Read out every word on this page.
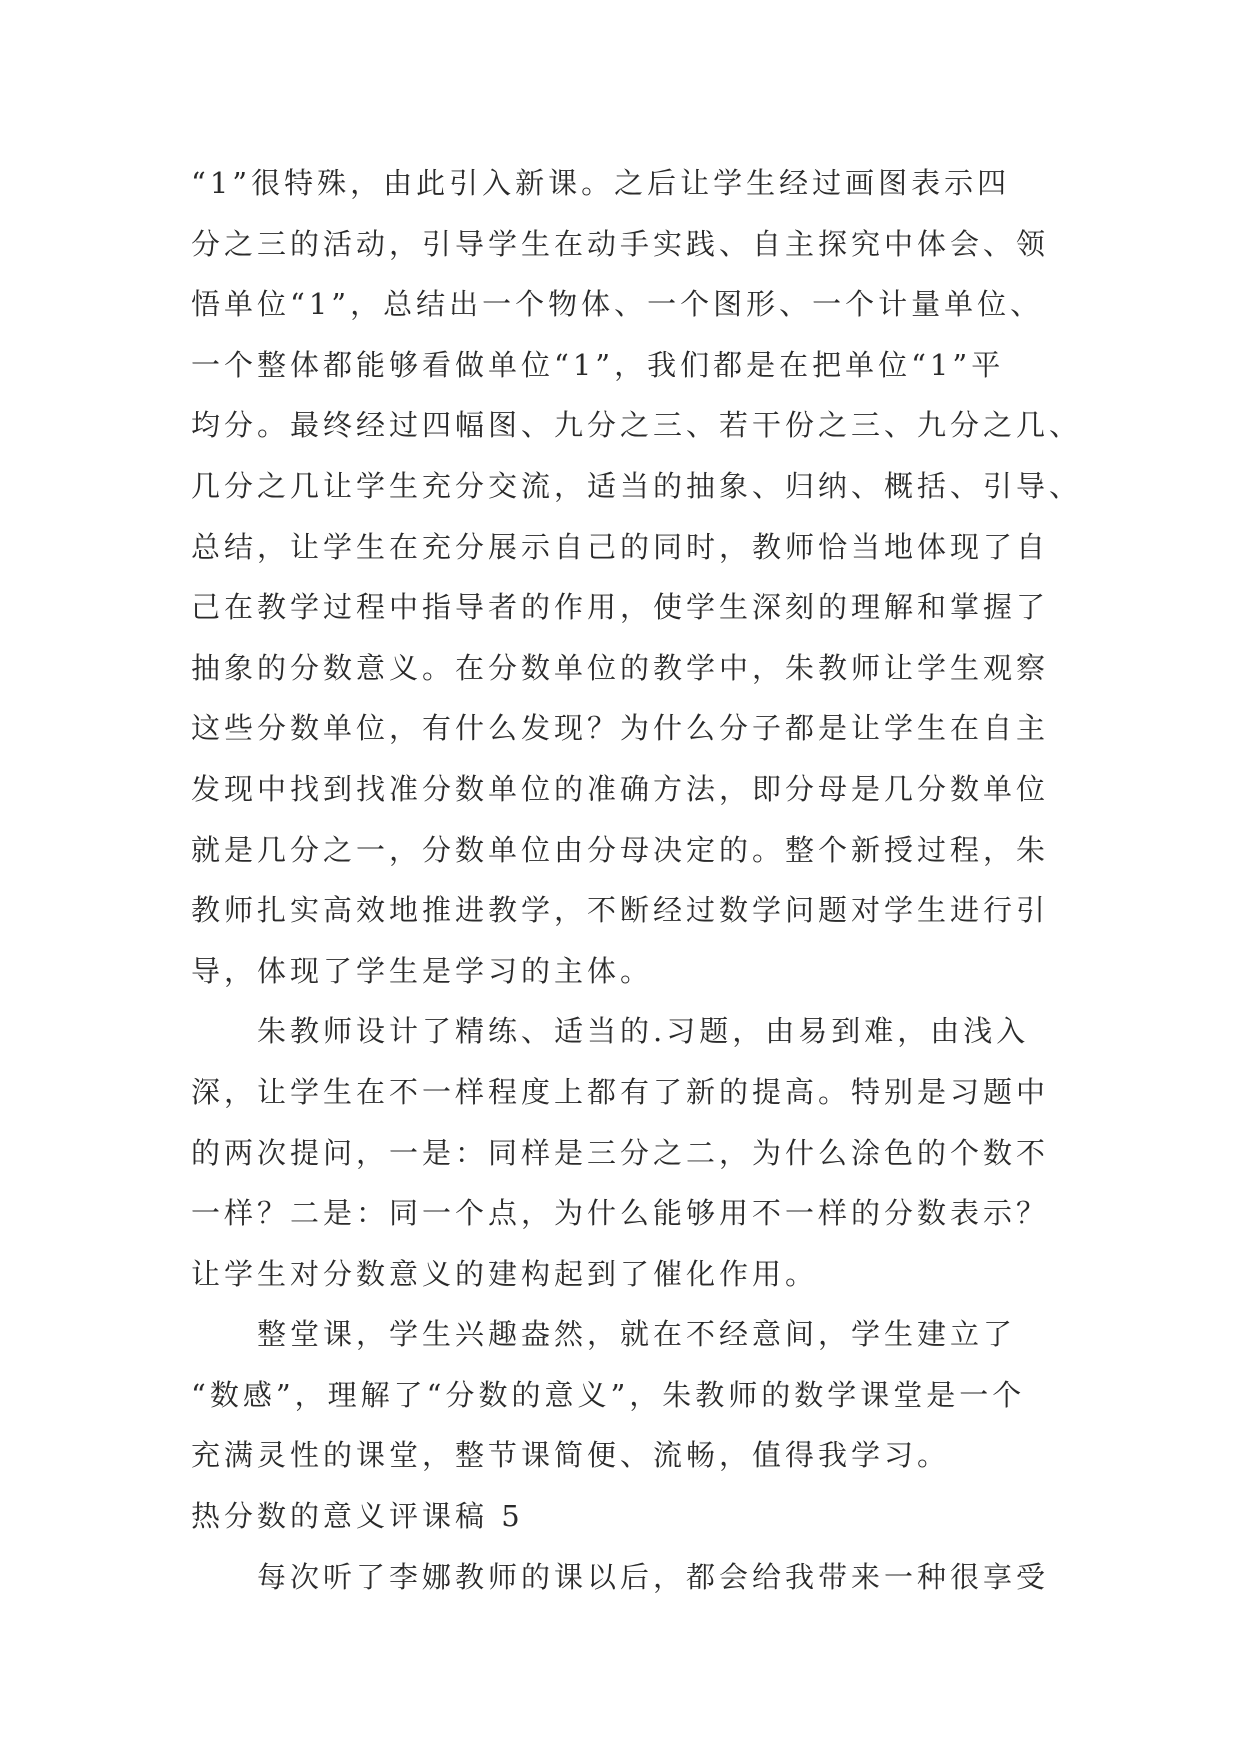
“1”很特殊，由此引入新课。之后让学生经过画图表示四
分之三的活动，引导学生在动手实践、自主探究中体会、领
悟单位“1”，总结出一个物体、一个图形、一个计量单位、
一个整体都能够看做单位“1”，我们都是在把单位“1”平
均分。最终经过四幅图、九分之三、若干份之三、九分之几、
几分之几让学生充分交流，适当的抽象、归纳、概括、引导、
总结，让学生在充分展示自己的同时，教师恰当地体现了自
己在教学过程中指导者的作用，使学生深刻的理解和掌握了
抽象的分数意义。在分数单位的教学中，朱教师让学生观察
这些分数单位，有什么发现？为什么分子都是让学生在自主
发现中找到找准分数单位的准确方法，即分母是几分数单位
就是几分之一，分数单位由分母决定的。整个新授过程，朱
教师扎实高效地推进教学，不断经过数学问题对学生进行引
导，体现了学生是学习的主体。
朱教师设计了精练、适当的.习题，由易到难，由浅入
深，让学生在不一样程度上都有了新的提高。特别是习题中
的两次提问，一是：同样是三分之二，为什么涂色的个数不
一样？二是：同一个点，为什么能够用不一样的分数表示？
让学生对分数意义的建构起到了催化作用。
整堂课，学生兴趣盎然，就在不经意间，学生建立了
“数感”，理解了“分数的意义”，朱教师的数学课堂是一个
充满灵性的课堂，整节课简便、流畅，值得我学习。
热分数的意义评课稿 5
每次听了李娜教师的课以后，都会给我带来一种很享受
